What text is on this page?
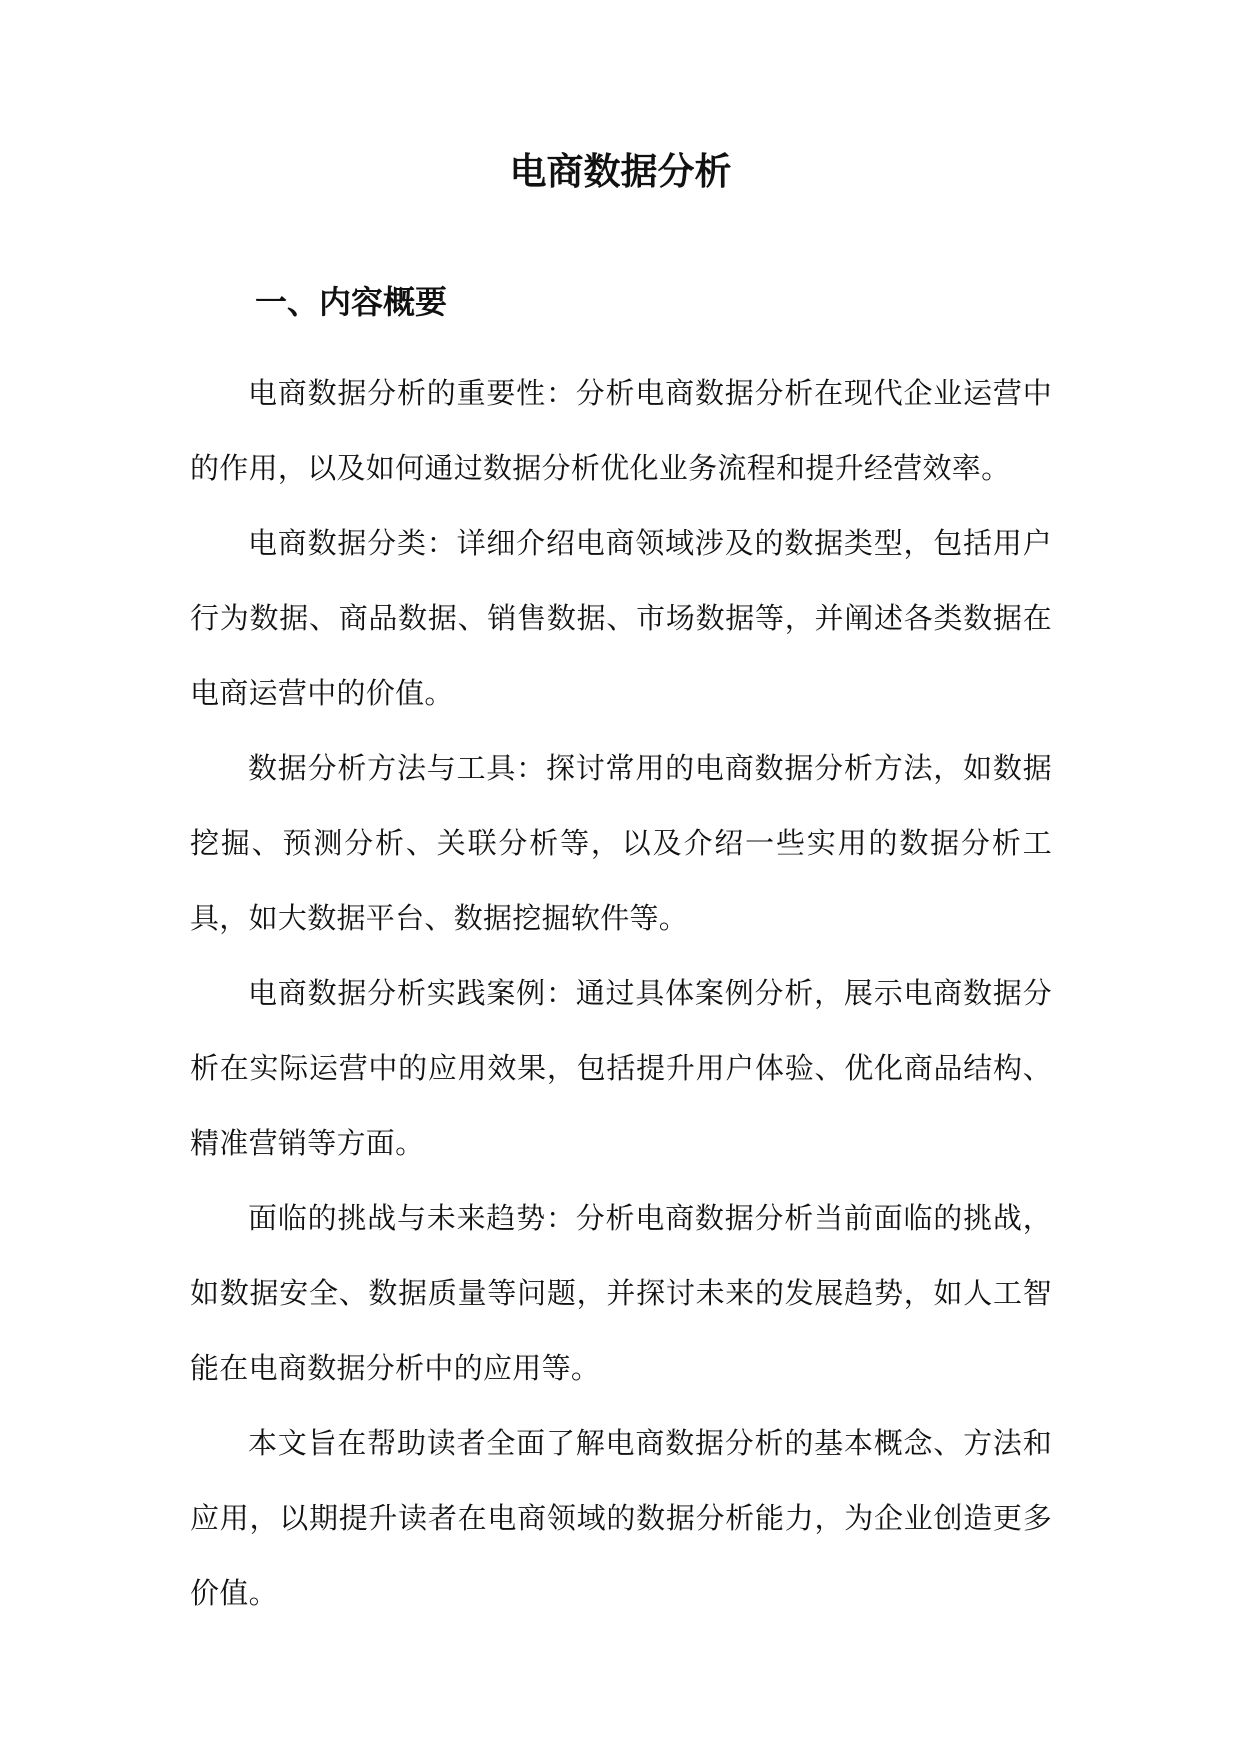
电商数据分析
一、内容概要

电商数据分析的重要性：分析电商数据分析在现代企业运营中的作用，以及如何通过数据分析优化业务流程和提升经营效率。

电商数据分类：详细介绍电商领域涉及的数据类型，包括用户行为数据、商品数据、销售数据、市场数据等，并阐述各类数据在电商运营中的价值。

数据分析方法与工具：探讨常用的电商数据分析方法，如数据挖掘、预测分析、关联分析等，以及介绍一些实用的数据分析工具，如大数据平台、数据挖掘软件等。

电商数据分析实践案例：通过具体案例分析，展示电商数据分析在实际运营中的应用效果，包括提升用户体验、优化商品结构、精准营销等方面。

面临的挑战与未来趋势：分析电商数据分析当前面临的挑战，如数据安全、数据质量等问题，并探讨未来的发展趋势，如人工智能在电商数据分析中的应用等。

本文旨在帮助读者全面了解电商数据分析的基本概念、方法和应用，以期提升读者在电商领域的数据分析能力，为企业创造更多价值。
